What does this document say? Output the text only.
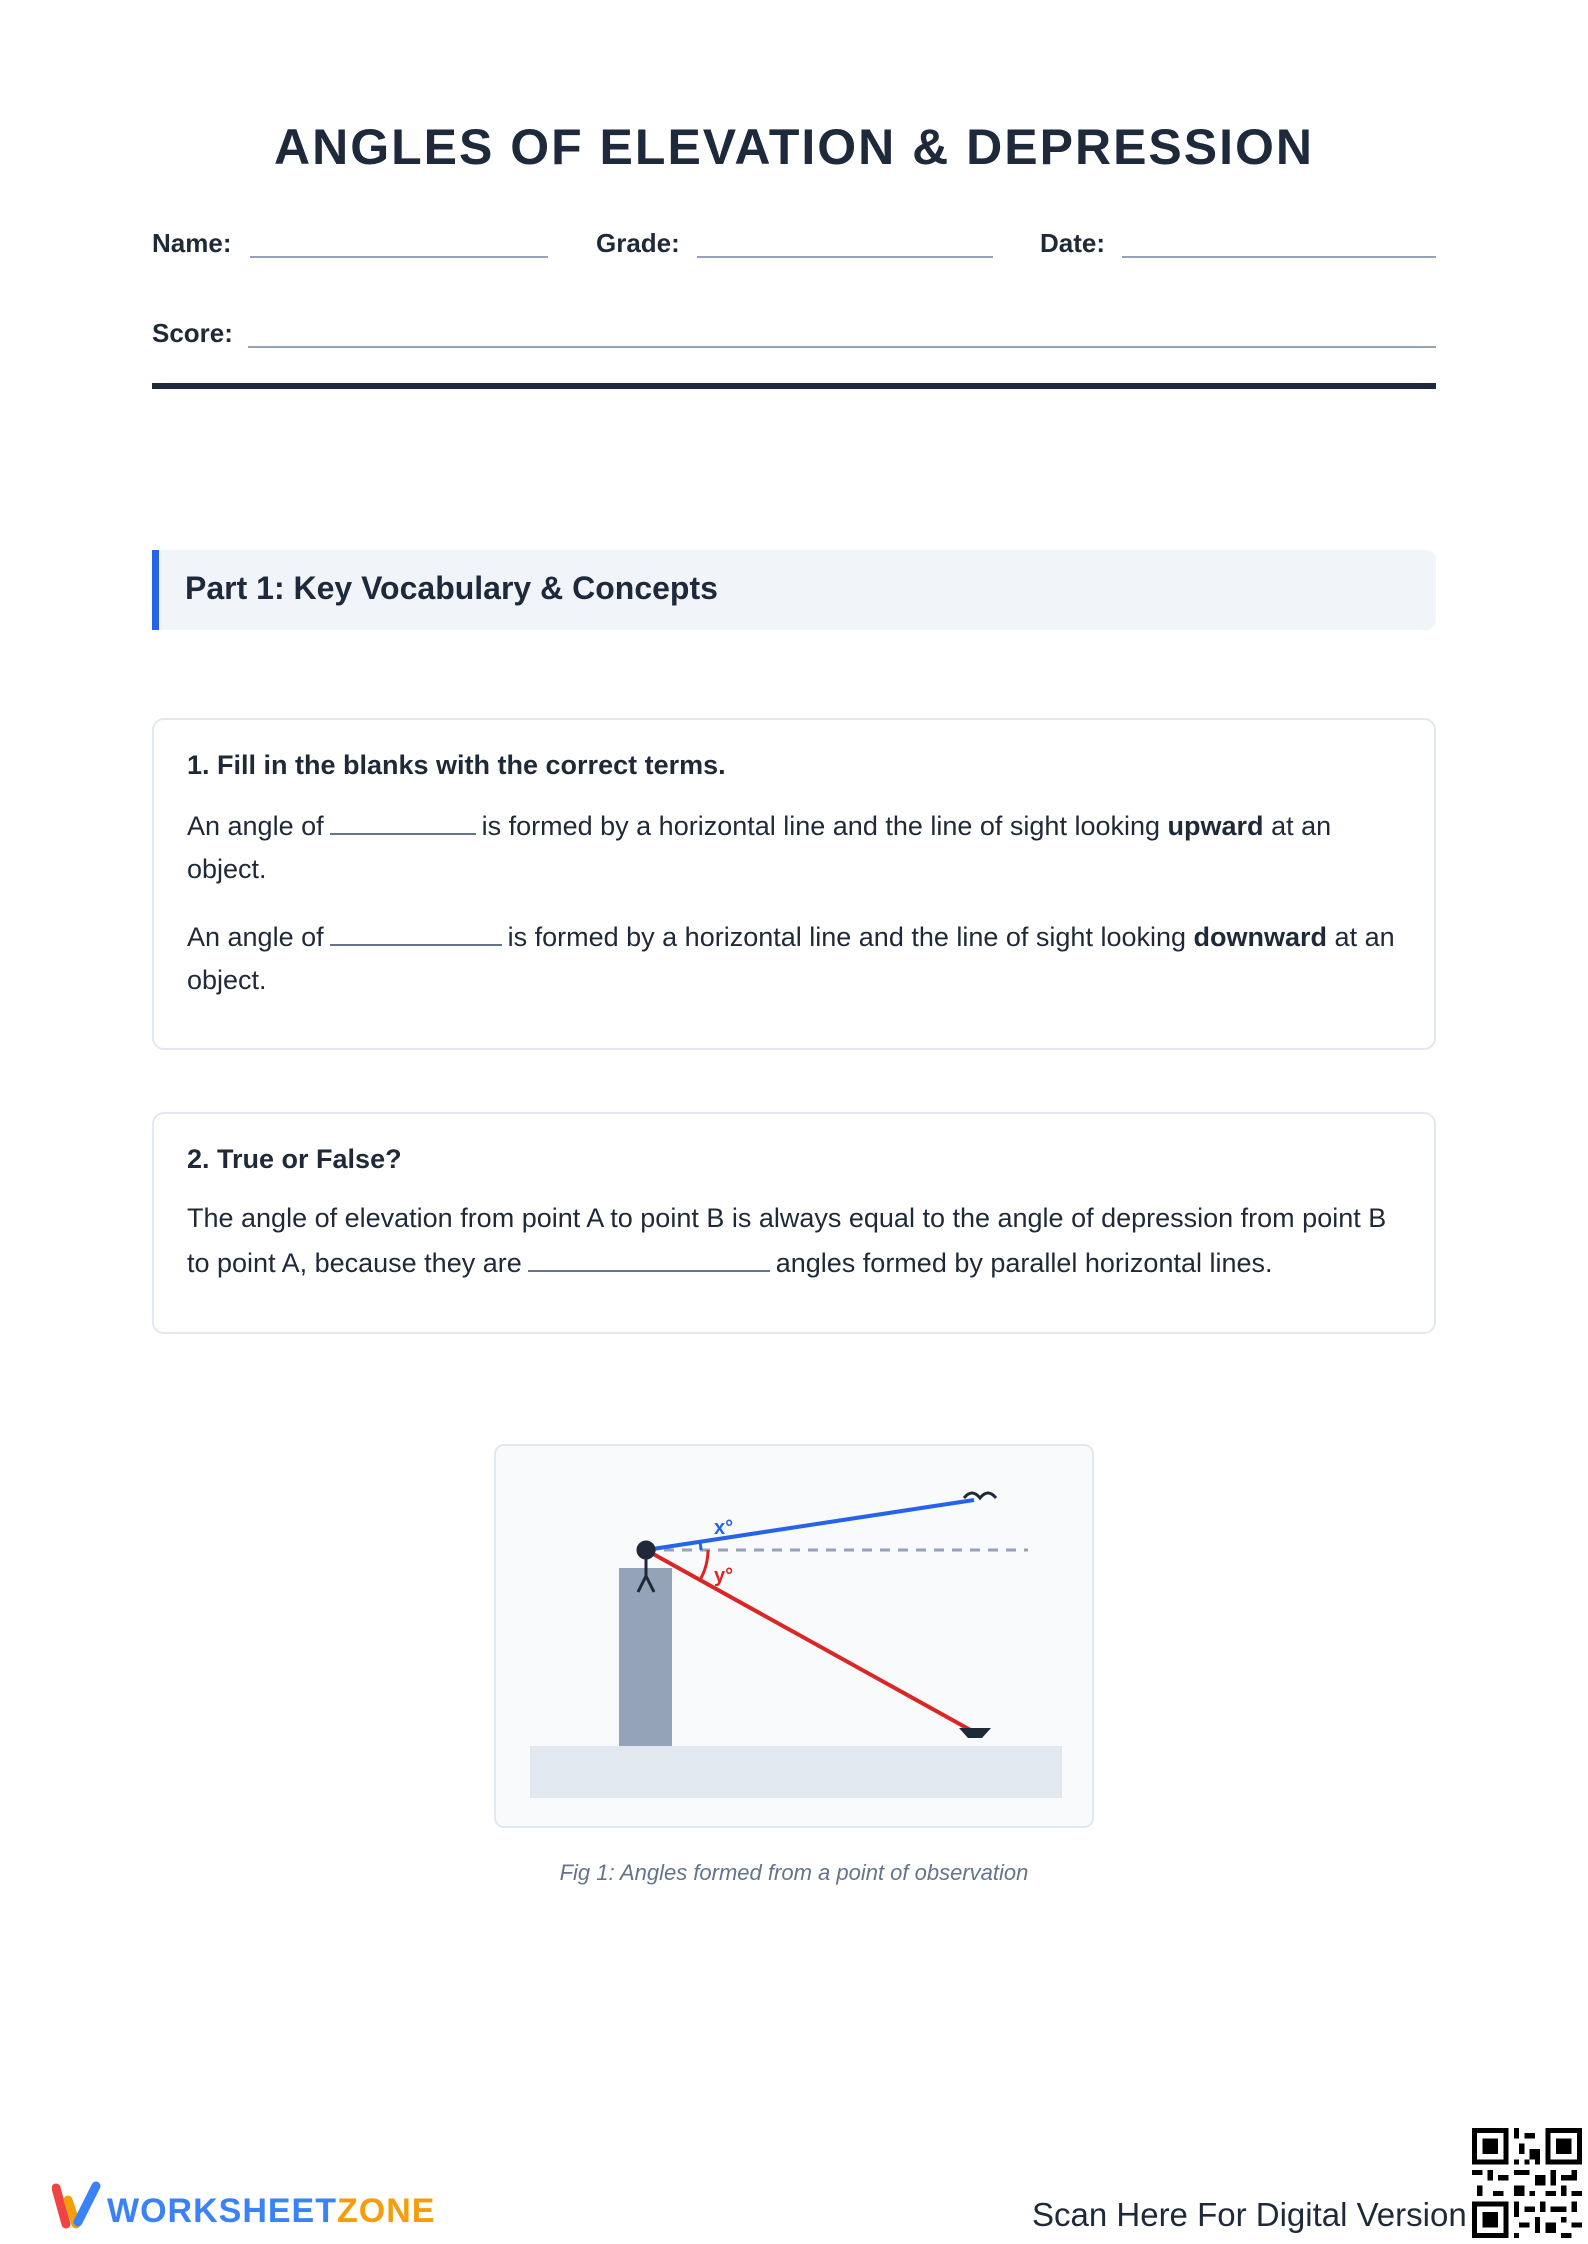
ANGLES OF ELEVATION & DEPRESSION
Name:	Grade:	Date:
Score:
Part 1: Key Vocabulary & Concepts
1. Fill in the blanks with the correct terms.
An angle of	is formed by a horizontal line and the line of sight looking upward at an object.
An angle of	is formed by a horizontal line and the line of sight looking downward at an object.
2. True or False?
The angle of elevation from point A to point B is always equal to the angle of depression from point B to point A, because they are	angles formed by parallel horizontal lines.
x°
y°
Fig 1: Angles formed from a point of observation
WORKSHEETZONE	Scan Here For Digital Version
